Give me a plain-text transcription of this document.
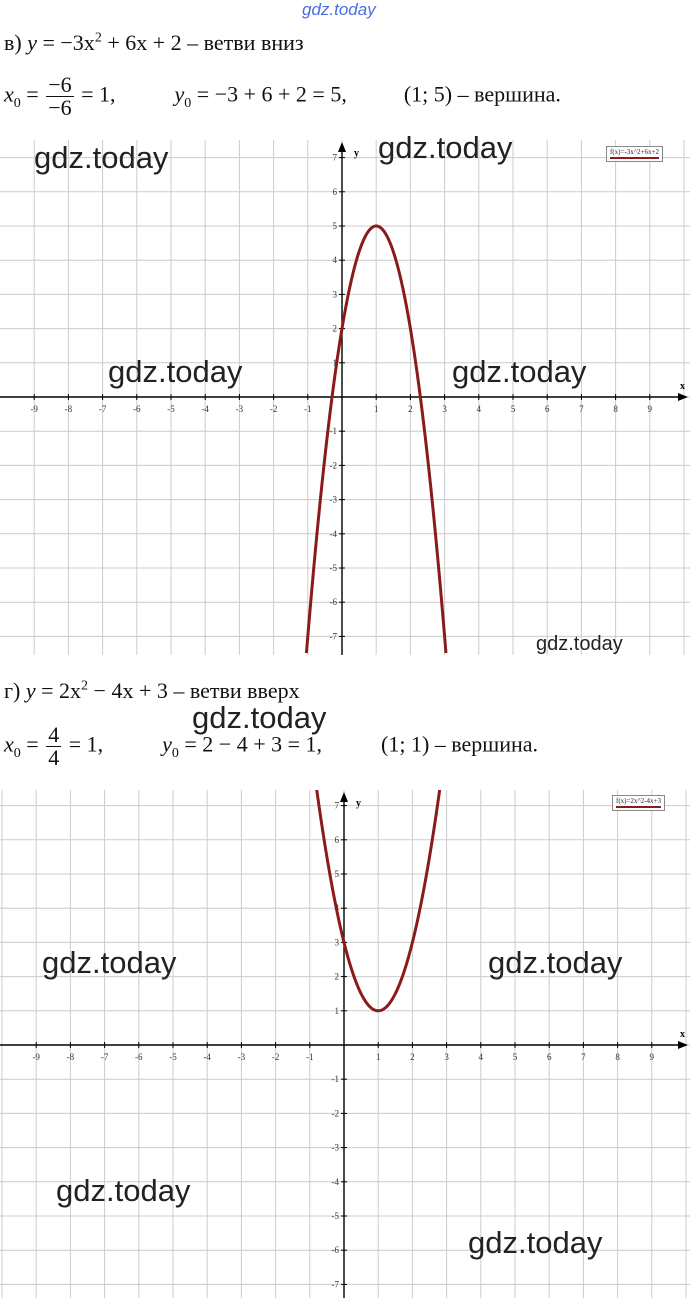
gdz.today
в) $y = -3x^2 + 6x + 2$ – ветви вниз
$x_0 = \frac{-6}{-6} = 1$,	$y_0 = -3 + 6 + 2 = 5$,	(1; 5) – вершина.
x
y
-9	-8	-7	-6	-5	-4	-3	-2	-1	1	2	3	4	5	6	7	8	9
-7
-6
-5
-4
-3
-2
-1
1
2
3
4
5
6
7
f(x)=-3x^2+6x+2
г) $y = 2x^2 - 4x + 3$ – ветви вверх
$x_0 = \frac{4}{4} = 1$,	$y_0 = 2 - 4 + 3 = 1$,	(1; 1) – вершина.
x
y
-9	-8	-7	-6	-5	-4	-3	-2	-1	1	2	3	4	5	6	7	8	9
-7
-6
-5
-4
-3
-2
-1
1
2
3
4
5
6
7	f(x)=2x^2-4x+3
gdz.today	gdz.today
gdz.today	gdz.today
gdz.today
gdz.today
gdz.today	gdz.today
gdz.today
gdz.today
